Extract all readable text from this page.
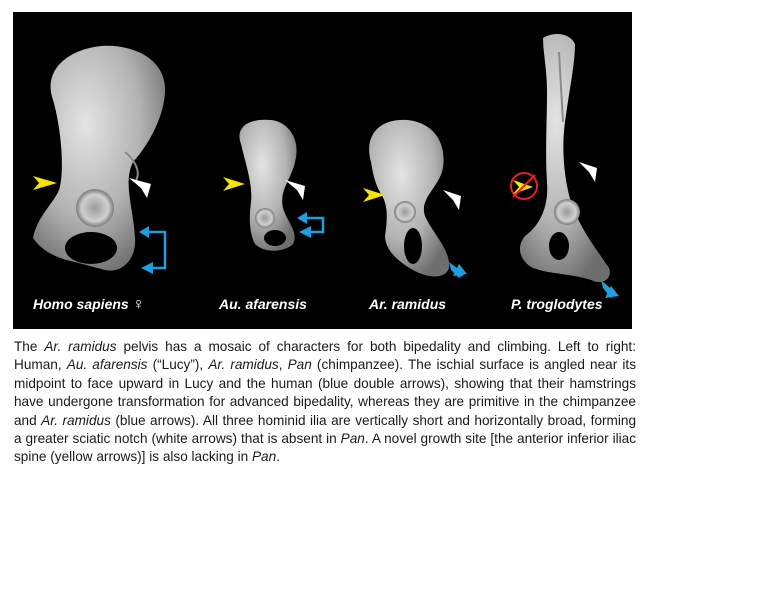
Homo sapiens ♀	Au. afarensis	Ar. ramidus	P. troglodytes
The Ar. ramidus pelvis has a mosaic of characters for both bipedality and climbing. Left to right: Human, Au. afarensis (“Lucy”), Ar. ramidus, Pan (chimpanzee). The ischial surface is angled near its midpoint to face upward in Lucy and the human (blue double arrows), showing that their hamstrings have undergone transformation for advanced bipedality, whereas they are primitive in the chimpanzee and Ar. ramidus (blue arrows). All three hominid ilia are vertically short and horizontally broad, forming a greater sciatic notch (white arrows) that is absent in Pan. A novel growth site [the anterior inferior iliac spine (yellow arrows)] is also lacking in Pan.
